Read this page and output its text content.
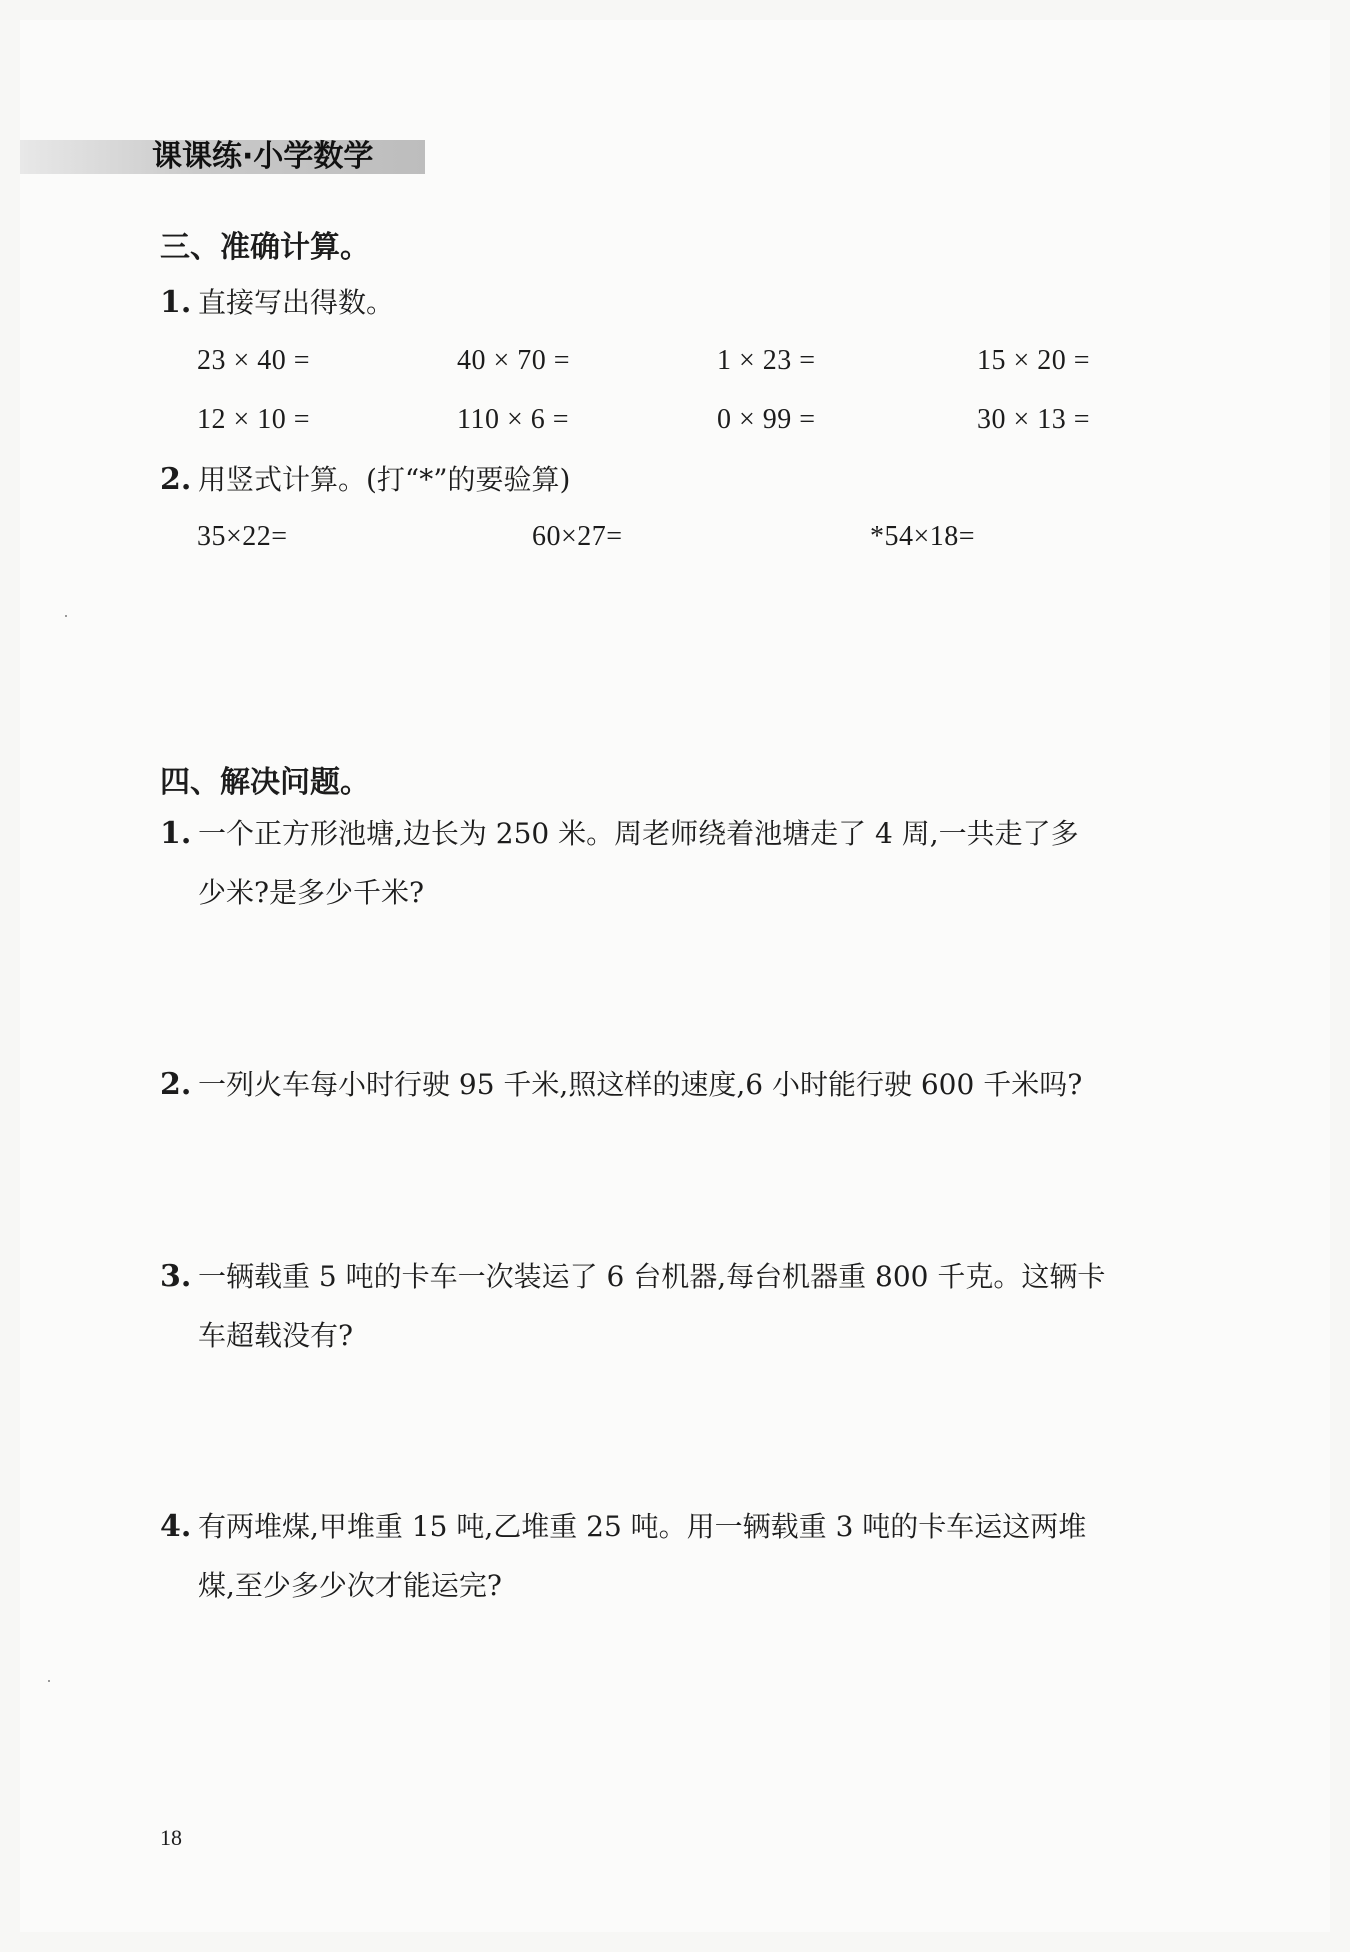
课课练·小学数学
三、准确计算。
1. 直接写出得数。
23 × 40 =	40 × 70 =	1 × 23 =	15 × 20 =
12 × 10 =	110 × 6 =	0 × 99 =	30 × 13 =
2. 用竖式计算。(打“*”的要验算)
35×22=	60×27=	*54×18=
四、解决问题。
1. 一个正方形池塘,边长为 250 米。周老师绕着池塘走了 4 周,一共走了多
少米?是多少千米?
2. 一列火车每小时行驶 95 千米,照这样的速度,6 小时能行驶 600 千米吗?
3. 一辆载重 5 吨的卡车一次装运了 6 台机器,每台机器重 800 千克。这辆卡
车超载没有?
4. 有两堆煤,甲堆重 15 吨,乙堆重 25 吨。用一辆载重 3 吨的卡车运这两堆
煤,至少多少次才能运完?
18
